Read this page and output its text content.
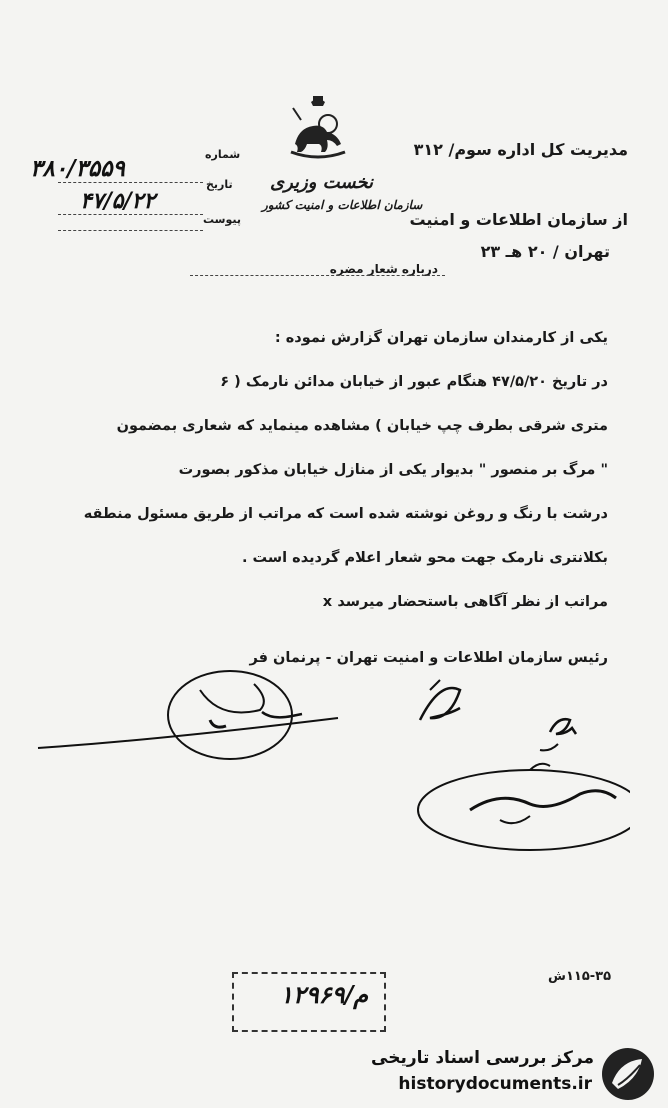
نخست وزیری
سازمان اطلاعات و امنیت کشور
مدیریت کل اداره سوم/ ۳۱۲
از سازمان اطلاعات و امنیت
تهران / ۲۰ هـ ۲۳
درباره شعار مضره
شماره
۳۸۰/۳۵۵۹
تاریخ
۴۷/۵/۲۲
پیوست
یکی از کارمندان سازمان تهران گزارش نموده :
در تاریخ ۴۷/۵/۲۰ هنگام عبور از خیابان مدائن نارمک ( ۶
متری شرقی بطرف چپ خیابان ) مشاهده مینماید که شعاری بمضمون
" مرگ بر منصور " بدیوار یکی از منازل خیابان مذکور بصورت
درشت با رنگ و روغن نوشته شده است که مراتب از طریق مسئول منطقه
بکلانتری نارمک جهت محو شعار اعلام گردیده است .
مراتب از نظر آگاهی باستحضار میرسد x
رئیس سازمان اطلاعات و امنیت تهران - پرنمان فر
۱۱۵-۳۵ش
۱۲۹۶۹/م
مرکز بررسی اسناد تاریخی
historydocuments.ir
